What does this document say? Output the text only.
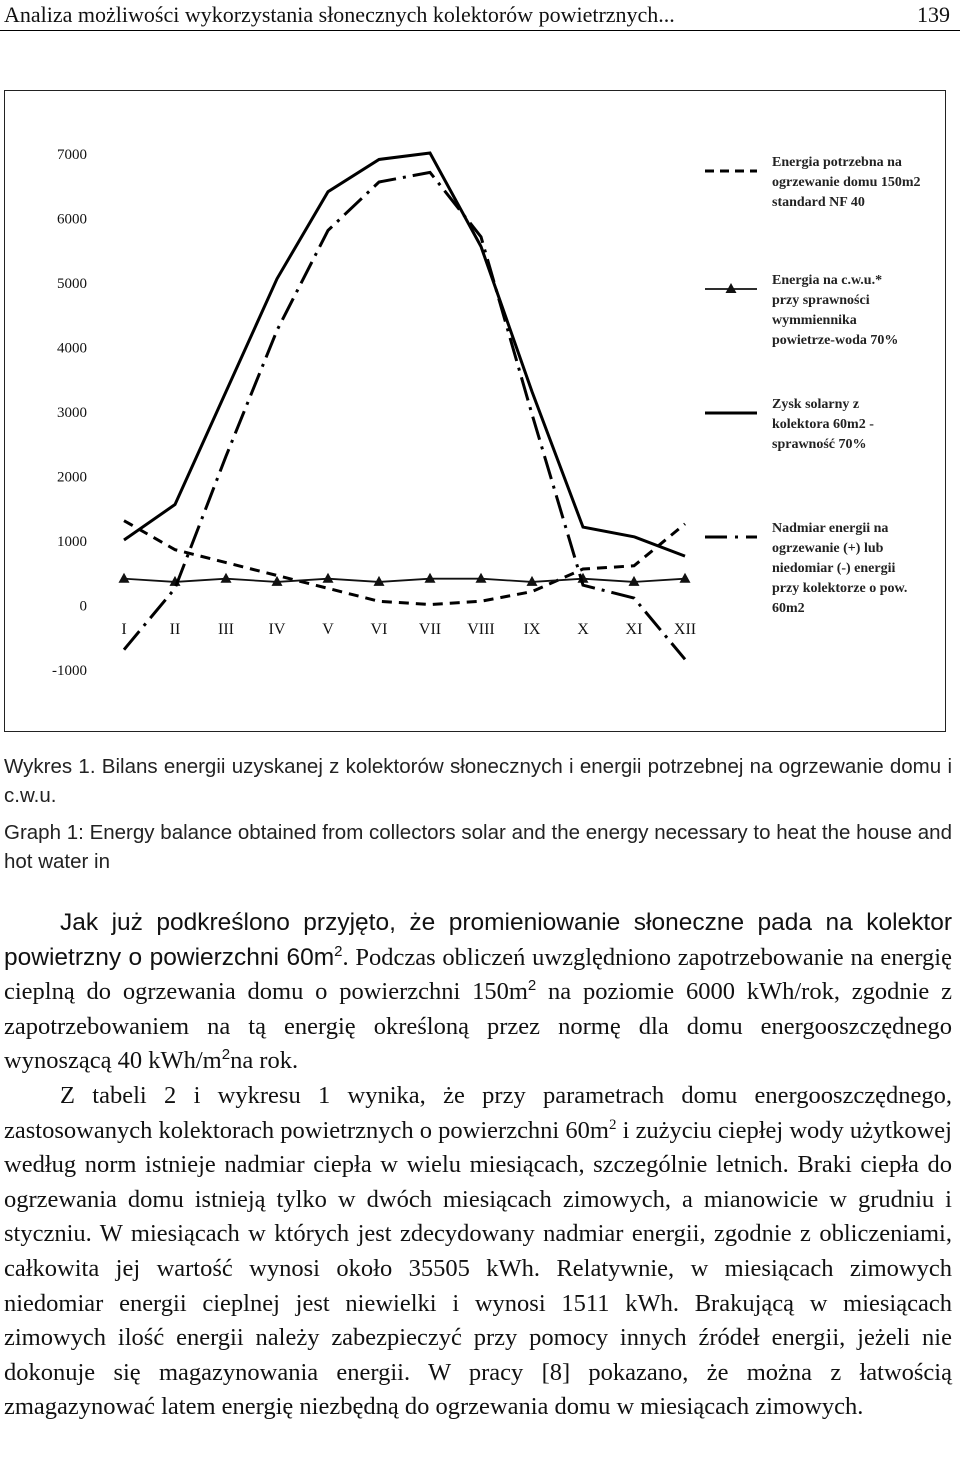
Analiza możliwości wykorzystania słonecznych kolektorów powietrznych...	139
7000
6000
5000
4000
3000
2000
1000
0
-1000
I	II III IV V VI VII VIII IX X XI XII
Energia potrzebna na
ogrzewanie domu 150m2
standard NF 40
Energia na c.w.u.*
przy sprawności
wymmiennika
powietrze-woda 70%
Zysk solarny z
kolektora 60m2 -
sprawność 70%
Nadmiar energii na
ogrzewanie (+) lub
niedomiar (-) energii
przy kolektorze o pow.
60m2
Wykres 1. Bilans energii uzyskanej z kolektorów słonecznych i energii potrzebnej na ogrzewanie domu i c.w.u.
Graph 1: Energy balance obtained from collectors solar and the energy necessary to heat the house and hot water in

Jak już podkreślono przyjęto, że promieniowanie słoneczne pada na kolektor powietrzny o powierzchni $60m^2$. Podczas obliczeń uwzględniono zapotrzebowanie na energię cieplną do ogrzewania domu o powierzchni $150m^2$ na poziomie 6000 kWh/rok, zgodnie z zapotrzebowaniem na tą energię określoną przez normę dla domu energooszczędnego wynoszącą 40 kWh/$m^2na$ rok.

Z tabeli 2 i wykresu 1 wynika, że przy parametrach domu energooszczędnego, zastosowanych kolektorach powietrznych o powierzchni $60m^2$ i zużyciu ciepłej wody użytkowej według norm istnieje nadmiar ciepła w wielu miesiącach, szczególnie letnich. Braki ciepła do ogrzewania domu istnieją tylko w dwóch miesiącach zimowych, a mianowicie w grudniu i styczniu. W miesiącach w których jest zdecydowany nadmiar energii, zgodnie z obliczeniami, całkowita jej wartość wynosi około 35505 kWh. Relatywnie, w miesiącach zimowych niedomiar energii cieplnej jest niewielki i wynosi 1511 kWh. Brakującą w miesiącach zimowych ilość energii należy zabezpieczyć przy pomocy innych źródeł energii, jeżeli nie dokonuje się magazynowania energii. W pracy [8] pokazano, że można z łatwością zmagazynować latem energię niezbędną do ogrzewania domu w miesiącach zimowych.
